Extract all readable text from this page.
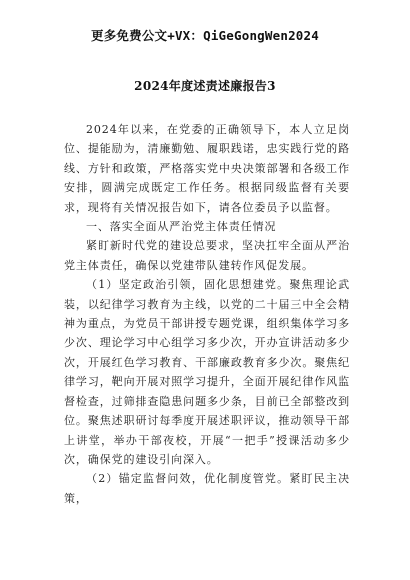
更多免费公文+VX：QiGeGongWen2024
2024年度述责述廉报告3

2024年以来，在党委的正确领导下，本人立足岗位、提能励为，清廉勤勉、履职践诺，忠实践行党的路线、方针和政策，严格落实党中央决策部署和各级工作安排，圆满完成既定工作任务。根据同级监督有关要求，现将有关情况报告如下，请各位委员予以监督。

一、落实全面从严治党主体责任情况

紧盯新时代党的建设总要求，坚决扛牢全面从严治党主体责任，确保以党建带队建转作风促发展。

（1）坚定政治引领，固化思想建党。聚焦理论武装，以纪律学习教育为主线，以党的二十届三中全会精神为重点，为党员干部讲授专题党课，组织集体学习多少次、理论学习中心组学习多少次，开办宣讲活动多少次，开展红色学习教育、干部廉政教育多少次。聚焦纪律学习，靶向开展对照学习提升，全面开展纪律作风监督检查，过筛排查隐患问题多少条，目前已全部整改到位。聚焦述职研讨每季度开展述职评议，推动领导干部上讲堂，举办干部夜校，开展“一把手”授课活动多少次，确保党的建设引向深入。

（2）锚定监督问效，优化制度管党。紧盯民主决策，
